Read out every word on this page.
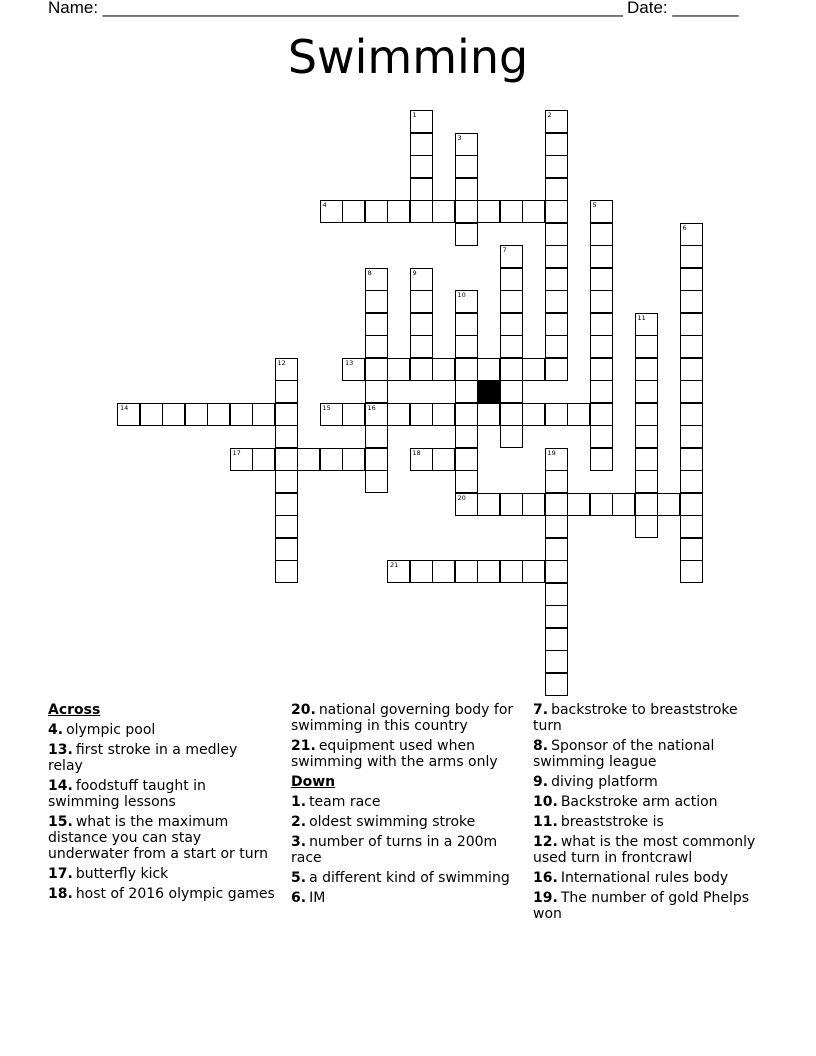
Name: _______________________________________________________ Date: _______
Swimming
1	2
3
5
6
7
8
16
9
10
20
11
12
19
4
13
14	15
17	18
21
Across
4. olympic pool
13. first stroke in a medley relay
14. foodstuff taught in swimming lessons
15. what is the maximum distance you can stay underwater from a start or turn
17. butterfly kick
18. host of 2016 olympic games
20. national governing body for swimming in this country
21. equipment used when swimming with the arms only
Down
1. team race
2. oldest swimming stroke
3. number of turns in a 200m race
5. a different kind of swimming
6. IM
7. backstroke to breaststroke turn
8. Sponsor of the national swimming league
9. diving platform
10. Backstroke arm action
11. breaststroke is
12. what is the most commonly used turn in frontcrawl
16. International rules body
19. The number of gold Phelps won
